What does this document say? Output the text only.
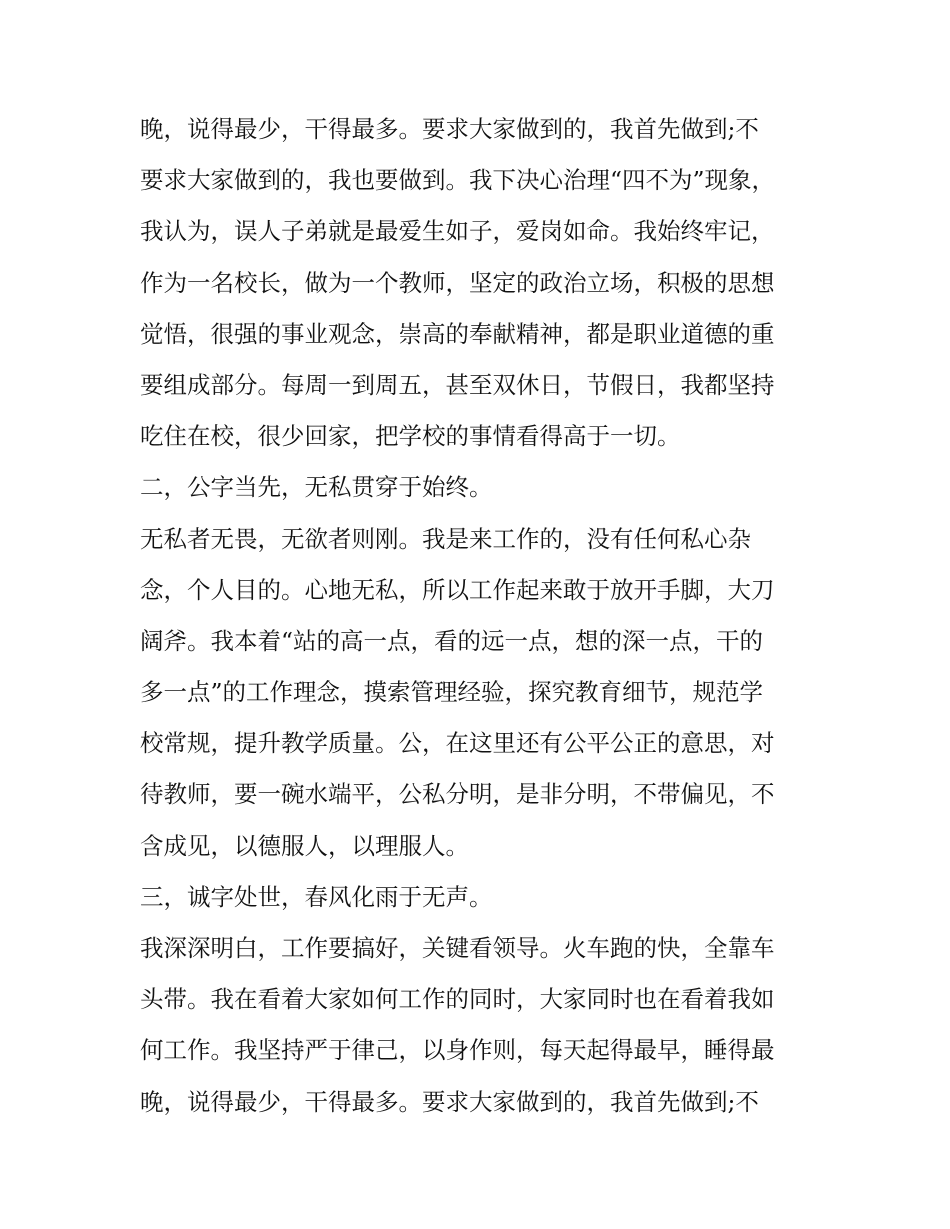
晚，说得最少，干得最多。要求大家做到的，我首先做到;不
要求大家做到的，我也要做到。我下决心治理“四不为”现象，
我认为，误人子弟就是最爱生如子，爱岗如命。我始终牢记，
作为一名校长，做为一个教师，坚定的政治立场，积极的思想
觉悟，很强的事业观念，崇高的奉献精神，都是职业道德的重
要组成部分。每周一到周五，甚至双休日，节假日，我都坚持
吃住在校，很少回家，把学校的事情看得高于一切。
二，公字当先，无私贯穿于始终。
无私者无畏，无欲者则刚。我是来工作的，没有任何私心杂
念，个人目的。心地无私，所以工作起来敢于放开手脚，大刀
阔斧。我本着“站的高一点，看的远一点，想的深一点，干的
多一点”的工作理念，摸索管理经验，探究教育细节，规范学
校常规，提升教学质量。公，在这里还有公平公正的意思，对
待教师，要一碗水端平，公私分明，是非分明，不带偏见，不
含成见，以德服人，以理服人。
三，诚字处世，春风化雨于无声。
我深深明白，工作要搞好，关键看领导。火车跑的快，全靠车
头带。我在看着大家如何工作的同时，大家同时也在看着我如
何工作。我坚持严于律己，以身作则，每天起得最早，睡得最
晚，说得最少，干得最多。要求大家做到的，我首先做到;不
